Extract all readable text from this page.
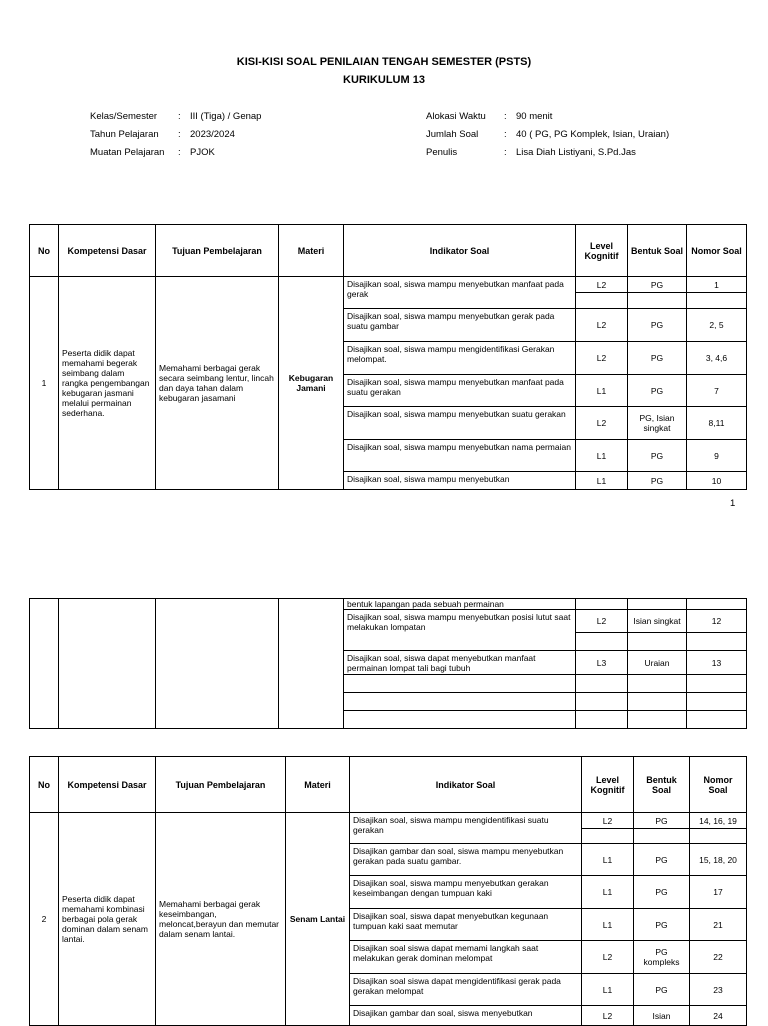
KISI-KISI SOAL PENILAIAN TENGAH SEMESTER (PSTS)
KURIKULUM 13
Kelas/Semester	: III (Tiga) / Genap
Tahun Pelajaran	: 2023/2024
Muatan Pelajaran	: PJOK
Alokasi Waktu	: 90 menit
Jumlah Soal	: 40 ( PG, PG Komplek, Isian, Uraian)
Penulis	: Lisa Diah Listiyani, S.Pd.Jas
No	Kompetensi Dasar	Tujuan Pembelajaran	Materi	Indikator Soal	Level Kognitif	Bentuk Soal	Nomor Soal
1	Peserta didik dapat memahami begerak seimbang dalam rangka pengembangan kebugaran jasmani melalui permainan sederhana.	Memahami berbagai gerak secara seimbang lentur, lincah dan daya tahan dalam kebugaran jasamani	Kebugaran Jamani	Disajikan soal, siswa mampu menyebutkan manfaat pada gerak	L2	PG	1

				Disajikan soal, siswa mampu menyebutkan gerak pada suatu gambar	L2	PG	2, 5
				Disajikan soal, siswa mampu mengidentifikasi Gerakan melompat.	L2	PG	3, 4,6
				Disajikan soal, siswa mampu menyebutkan manfaat pada suatu gerakan	L1	PG	7
				Disajikan soal, siswa mampu menyebutkan suatu gerakan	L2	PG, Isian singkat	8,11
				Disajikan soal, siswa mampu menyebutkan nama permaian	L1	PG	9
				Disajikan soal, siswa mampu menyebutkan	L1	PG	10
1
				bentuk lapangan pada sebuah permainan			
				Disajikan soal, siswa mampu menyebutkan posisi lutut saat melakukan lompatan	L2	Isian singkat	12

				Disajikan soal, siswa dapat menyebutkan manfaat permainan lompat tali bagi tubuh	L3	Uraian	13

No	Kompetensi Dasar	Tujuan Pembelajaran	Materi	Indikator Soal	Level Kognitif	Bentuk Soal	Nomor Soal
2	Peserta didik dapat memahami kombinasi berbagai pola gerak dominan dalam senam lantai.	Memahami berbagai gerak keseimbangan, meloncat,berayun dan memutar dalam senam lantai.	Senam Lantai	Disajikan soal, siswa mampu mengidentifikasi suatu gerakan	L2	PG	14, 16, 19

				Disajikan gambar dan soal, siswa mampu menyebutkan gerakan pada suatu gambar.	L1	PG	15, 18, 20
				Disajikan soal, siswa mampu menyebutkan gerakan keseimbangan dengan tumpuan kaki	L1	PG	17
				Disajikan soal, siswa dapat menyebutkan kegunaan tumpuan kaki saat memutar	L1	PG	21
				Disajikan soal siswa dapat memami langkah saat melakukan gerak dominan melompat	L2	PG kompleks	22
				Disajikan soal siswa dapat mengidentifikasi gerak pada gerakan melompat	L1	PG	23
				Disajikan gambar dan soal, siswa menyebutkan	L2	Isian	24
